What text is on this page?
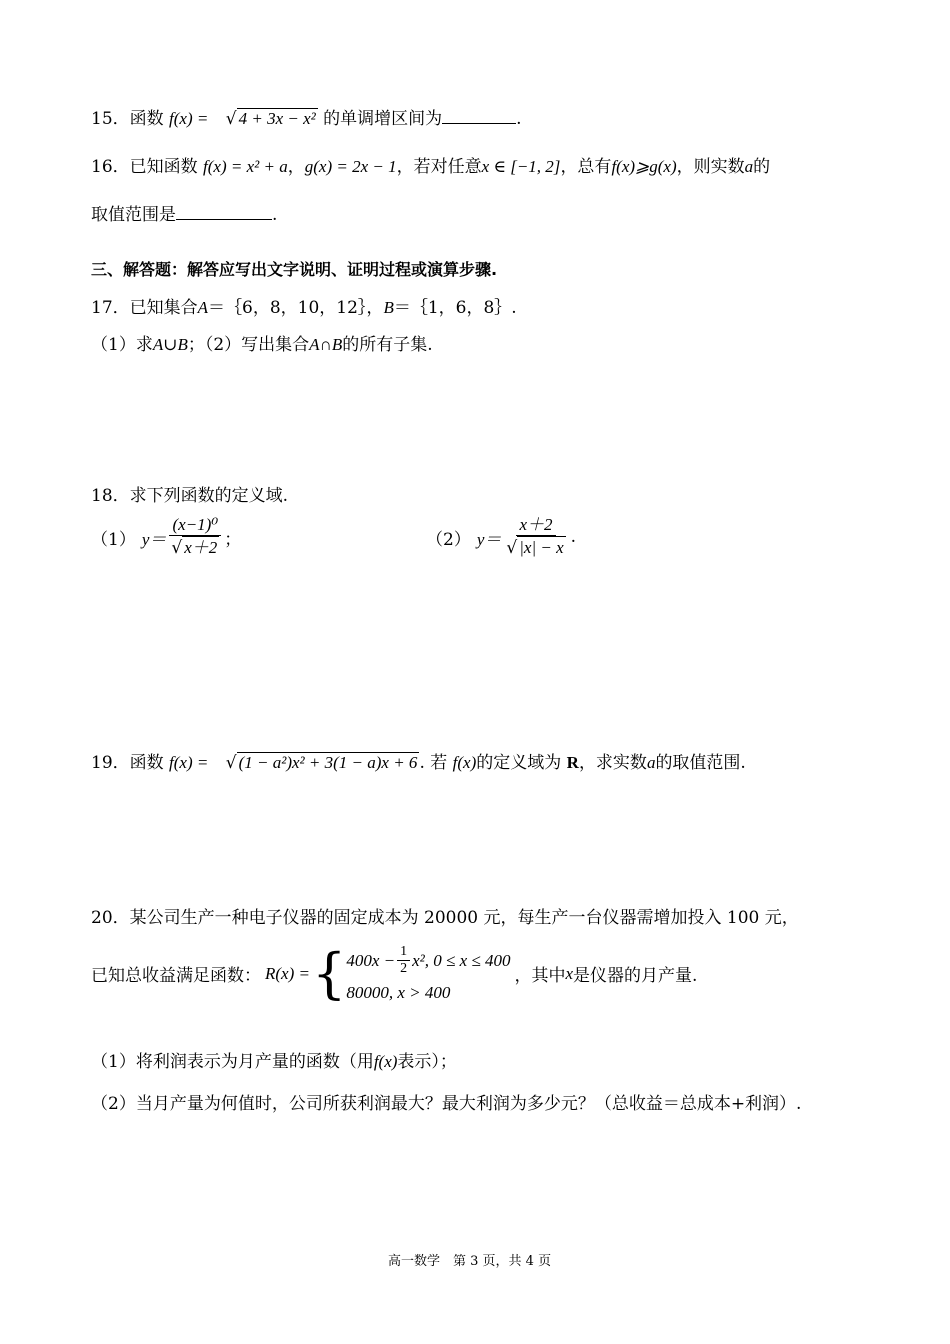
15．函数 f(x) = √ 4 + 3x − x² 的单调增区间为	.
16．已知函数 f(x) = x² + a，g(x) = 2x − 1，若对任意x ∈ [−1, 2]，总有f(x)⩾g(x)，则实数a的
取值范围是	.
三、解答题：解答应写出文字说明、证明过程或演算步骤.
17．已知集合A＝｛6，8，10，12｝，B＝｛1，6，8｝.
（1）求A∪B；（2）写出集合A∩B的所有子集.
18．求下列函数的定义域.
（1） $y= \frac{\text{(x−1)⁰}}{√ x+2}$ ；	（2） $y= \frac{x+2}{√ |x| - x}$ .
19．函数 f(x) = √ (1 − a²)x² + 3(1 − a)x + 6 . 若 f(x)的定义域为 R，求实数a的取值范围.
20．某公司生产一种电子仪器的固定成本为 20000 元，每生产一台仪器需增加投入 100 元，
已知总收益满足函数： R(x) = { $400x - \frac{1}{2} x^2$, 0 ≤ x ≤ 400
80000, x > 400
，其中 x 是仪器的月产量.
（1）将利润表示为月产量的函数（用f(x)表示）；
（2）当月产量为何值时，公司所获利润最大？最大利润为多少元？（总收益＝总成本+利润）.
高一数学　第 3 页，共 4 页
